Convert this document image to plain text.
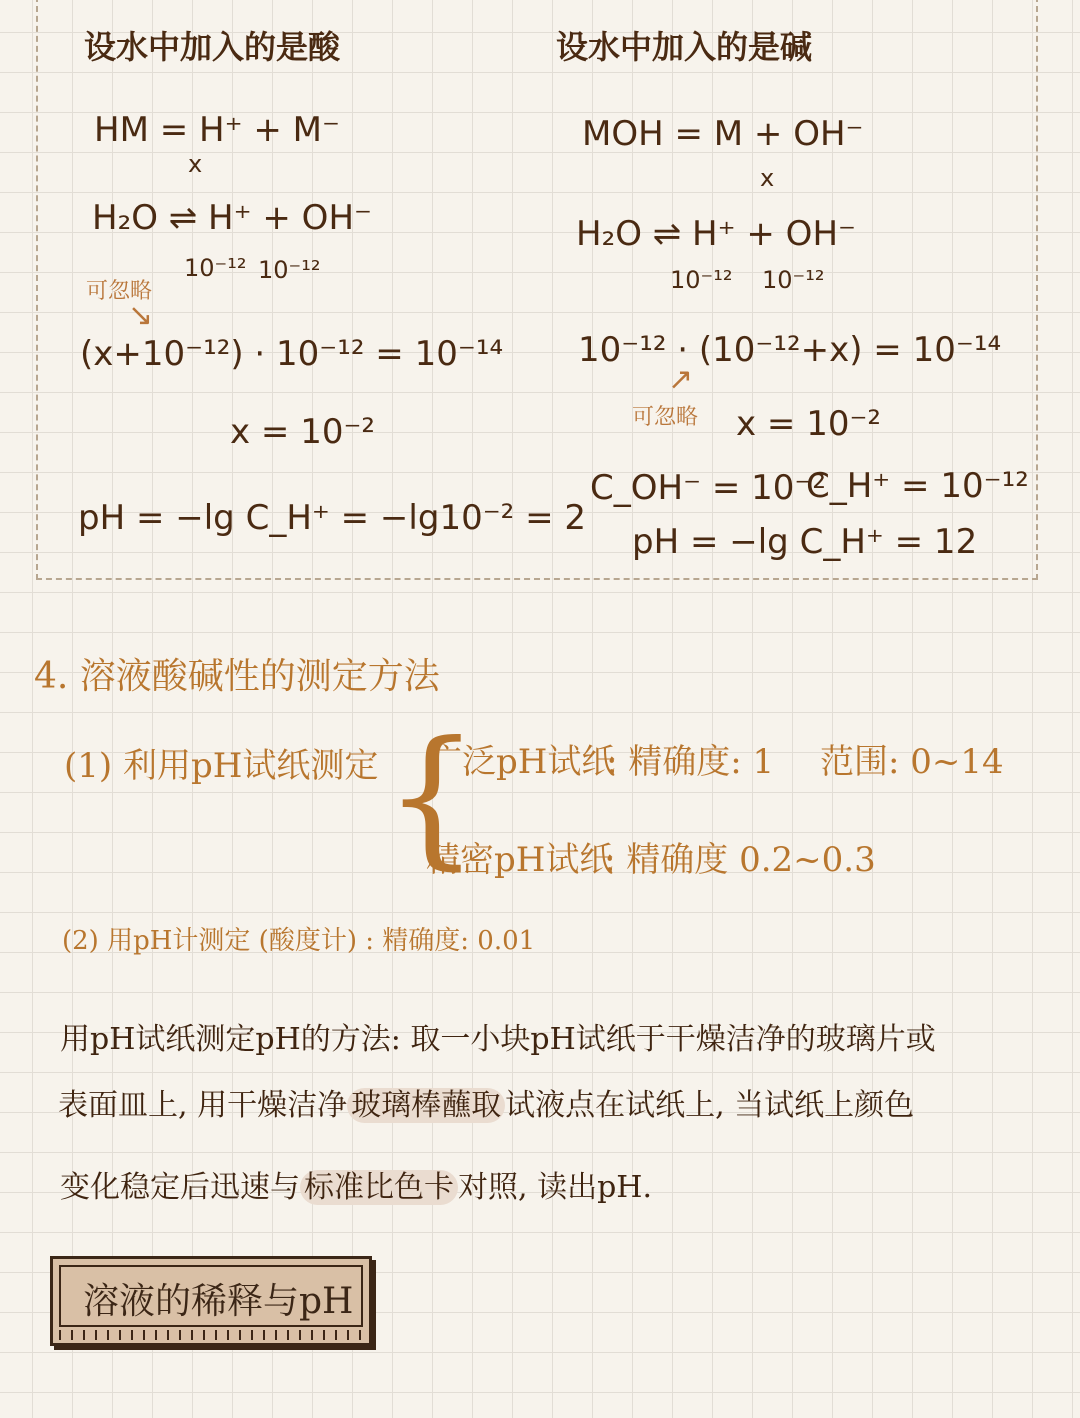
设水中加入的是酸
HM = H⁺ + M⁻
x
H₂O ⇌ H⁺ + OH⁻
10⁻¹² 10⁻¹²
可忽略
↘
(x+10⁻¹²) · 10⁻¹² = 10⁻¹⁴
x = 10⁻²
pH = −lg C_H⁺ = −lg10⁻² = 2
设水中加入的是碱
MOH = M + OH⁻
x
H₂O ⇌ H⁺ + OH⁻
10⁻¹² 10⁻¹²
10⁻¹² · (10⁻¹²+x) = 10⁻¹⁴
↗
可忽略 x = 10⁻²
C_OH⁻ = 10⁻²
C_H⁺ = 10⁻¹²
pH = −lg C_H⁺ = 12
4. 溶液酸碱性的测定方法
(1) 利用pH试纸测定 {
广泛pH试纸
: 精确度: 1 范围: 0~14
精密pH试纸
: 精确度 0.2~0.3
(2) 用pH计测定 (酸度计) : 精确度: 0.01
用pH试纸测定pH的方法: 取一小块pH试纸于干燥洁净的玻璃片或
表面皿上, 用干燥洁净 玻璃棒蘸取 试液点在试纸上, 当试纸上颜色
变化稳定后迅速与 标准比色卡 对照, 读出pH.
溶液的稀释与pH
